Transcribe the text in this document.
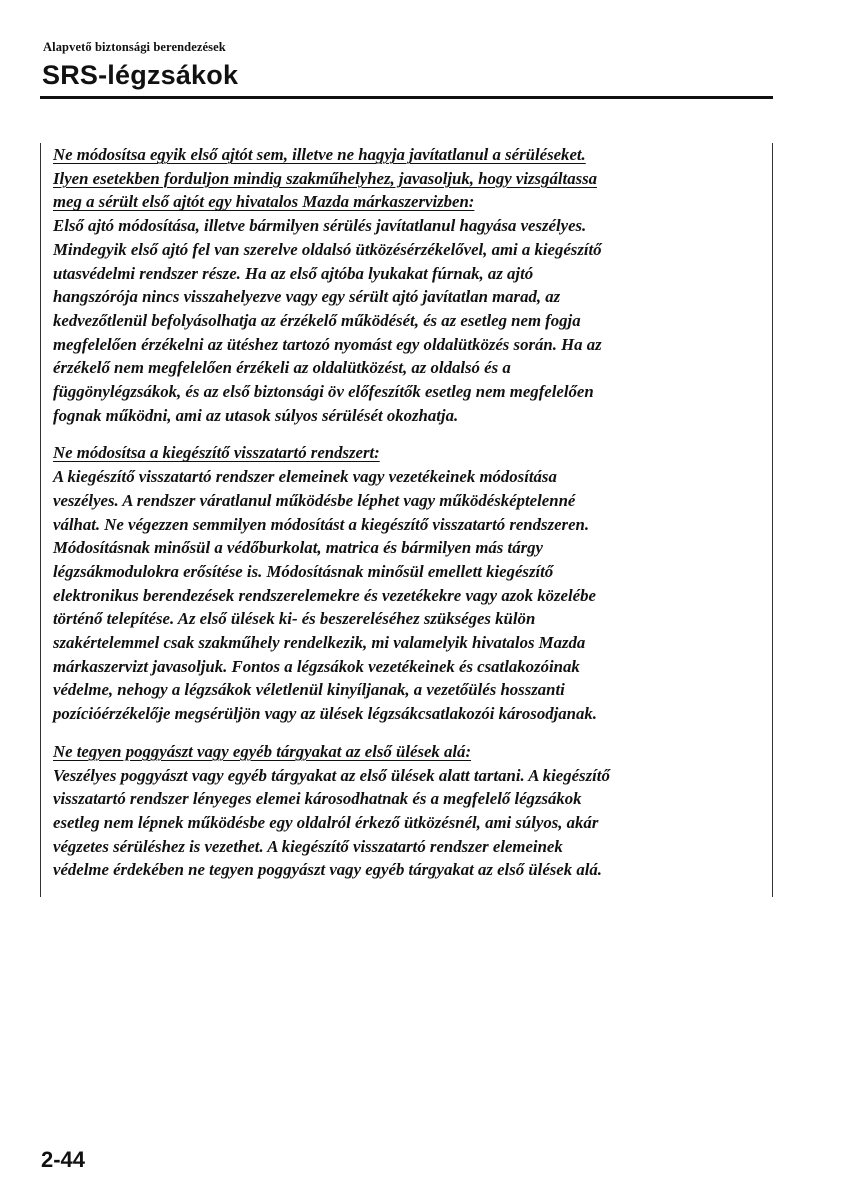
Alapvető biztonsági berendezések
SRS-légzsákok
Ne módosítsa egyik első ajtót sem, illetve ne hagyja javítatlanul a sérüléseket.
Ilyen esetekben forduljon mindig szakműhelyhez, javasoljuk, hogy vizsgáltassa
meg a sérült első ajtót egy hivatalos Mazda márkaszervizben:
Első ajtó módosítása, illetve bármilyen sérülés javítatlanul hagyása veszélyes.
Mindegyik első ajtó fel van szerelve oldalsó ütközésérzékelővel, ami a kiegészítő
utasvédelmi rendszer része. Ha az első ajtóba lyukakat fúrnak, az ajtó
hangszórója nincs visszahelyezve vagy egy sérült ajtó javítatlan marad, az
kedvezőtlenül befolyásolhatja az érzékelő működését, és az esetleg nem fogja
megfelelően érzékelni az ütéshez tartozó nyomást egy oldalütközés során. Ha az
érzékelő nem megfelelően érzékeli az oldalütközést, az oldalsó és a
függönylégzsákok, és az első biztonsági öv előfeszítők esetleg nem megfelelően
fognak működni, ami az utasok súlyos sérülését okozhatja.
Ne módosítsa a kiegészítő visszatartó rendszert:
A kiegészítő visszatartó rendszer elemeinek vagy vezetékeinek módosítása
veszélyes. A rendszer váratlanul működésbe léphet vagy működésképtelenné
válhat. Ne végezzen semmilyen módosítást a kiegészítő visszatartó rendszeren.
Módosításnak minősül a védőburkolat, matrica és bármilyen más tárgy
légzsákmodulokra erősítése is. Módosításnak minősül emellett kiegészítő
elektronikus berendezések rendszerelemekre és vezetékekre vagy azok közelébe
történő telepítése. Az első ülések ki- és beszereléséhez szükséges külön
szakértelemmel csak szakműhely rendelkezik, mi valamelyik hivatalos Mazda
márkaszervizt javasoljuk. Fontos a légzsákok vezetékeinek és csatlakozóinak
védelme, nehogy a légzsákok véletlenül kinyíljanak, a vezetőülés hosszanti
pozícióérzékelője megsérüljön vagy az ülések légzsákcsatlakozói károsodjanak.
Ne tegyen poggyászt vagy egyéb tárgyakat az első ülések alá:
Veszélyes poggyászt vagy egyéb tárgyakat az első ülések alatt tartani. A kiegészítő
visszatartó rendszer lényeges elemei károsodhatnak és a megfelelő légzsákok
esetleg nem lépnek működésbe egy oldalról érkező ütközésnél, ami súlyos, akár
végzetes sérüléshez is vezethet. A kiegészítő visszatartó rendszer elemeinek
védelme érdekében ne tegyen poggyászt vagy egyéb tárgyakat az első ülések alá.
2-44
